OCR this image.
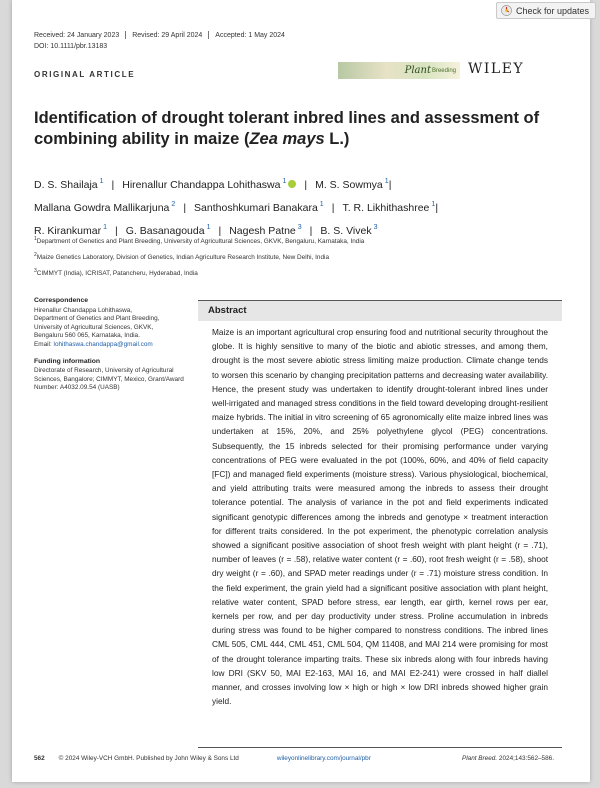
Check for updates
Received: 24 January 2023 Revised: 29 April 2024 Accepted: 1 May 2024
DOI: 10.1111/pbr.13183
ORIGINAL ARTICLE	Plant Breeding WILEY
Identification of drought tolerant inbred lines and assessment of combining ability in maize (Zea mays L.)
D. S. Shailaja $^1$ | Hirenallur Chandappa Lohithaswa $^1$ | M. S. Sowmya $^1$|
Mallana Gowdra Mallikarjuna $^2$ | Santhoshkumari Banakara $^1$ | T. R. Likhithashree $^1$|
R. Kirankumar $^1$ | G. Basanagouda $^1$ | Nagesh Patne $^3$ | B. S. Vivek $^3$

$^1$Department of Genetics and Plant Breeding, University of Agricultural Sciences, GKVK, Bengaluru, Karnataka, India

$^2$Maize Genetics Laboratory, Division of Genetics, Indian Agriculture Research Institute, New Delhi, India

$^3$CIMMYT (India), ICRISAT, Patancheru, Hyderabad, India

Correspondence
Hirenallur Chandappa Lohithaswa,
Department of Genetics and Plant Breeding,
University of Agricultural Sciences, GKVK,
Bengaluru 560 065, Karnataka, India.
Email: lohithaswa.chandappa@gmail.com
Funding information
Directorate of Research, University of Agricultural Sciences, Bangalore; CIMMYT, Mexico, Grant/Award Number: A4032.09.54 (UASB)
Abstract
Maize is an important agricultural crop ensuring food and nutritional security throughout the globe. It is highly sensitive to many of the biotic and abiotic stresses, and among them, drought is the most severe abiotic stress limiting maize production. Climate change tends to worsen this scenario by changing precipitation patterns and decreasing water availability. Hence, the present study was undertaken to identify drought-tolerant inbred lines under well-irrigated and managed stress conditions in the field toward developing drought-resilient maize hybrids. The initial in vitro screening of 65 agronomically elite maize inbred lines was undertaken at 15%, 20%, and 25% polyethylene glycol (PEG) concentrations. Subsequently, the 15 inbreds selected for their promising performance under varying concentrations of PEG were evaluated in the pot (100%, 60%, and 40% of field capacity [FC]) and managed field experiments (moisture stress). Various physiological, biochemical, and yield attributing traits were measured among the inbreds to assess their drought tolerance potential. The analysis of variance in the pot and field experiments indicated significant genotypic differences among the inbreds and genotype × treatment interaction for different traits considered. In the pot experiment, the phenotypic correlation analysis showed a significant positive association of shoot fresh weight with plant height (r = .71), number of leaves (r = .58), relative water content (r = .60), root fresh weight (r = .58), shoot dry weight (r = .60), and SPAD meter readings under (r = .71) moisture stress condition. In the field experiment, the grain yield had a significant positive association with plant height, relative water content, SPAD before stress, ear length, ear girth, kernel rows per ear, kernels per row, and per day productivity under stress. Proline accumulation in inbreds during stress was found to be higher compared to nonstress conditions. The inbred lines CML 505, CML 444, CML 451, CML 504, QM 11408, and MAI 214 were promising for most of the drought tolerance imparting traits. These six inbreds along with four inbreds having low DRI (SKV 50, MAI E2-163, MAI 16, and MAI E2-241) were crossed in half diallel manner, and crosses involving low × high or high × low DRI inbreds showed higher grain yield.
562 © 2024 Wiley-VCH GmbH. Published by John Wiley & Sons Ltd	wileyonlinelibrary.com/journal/pbr	Plant Breed. 2024;143:562–586.
